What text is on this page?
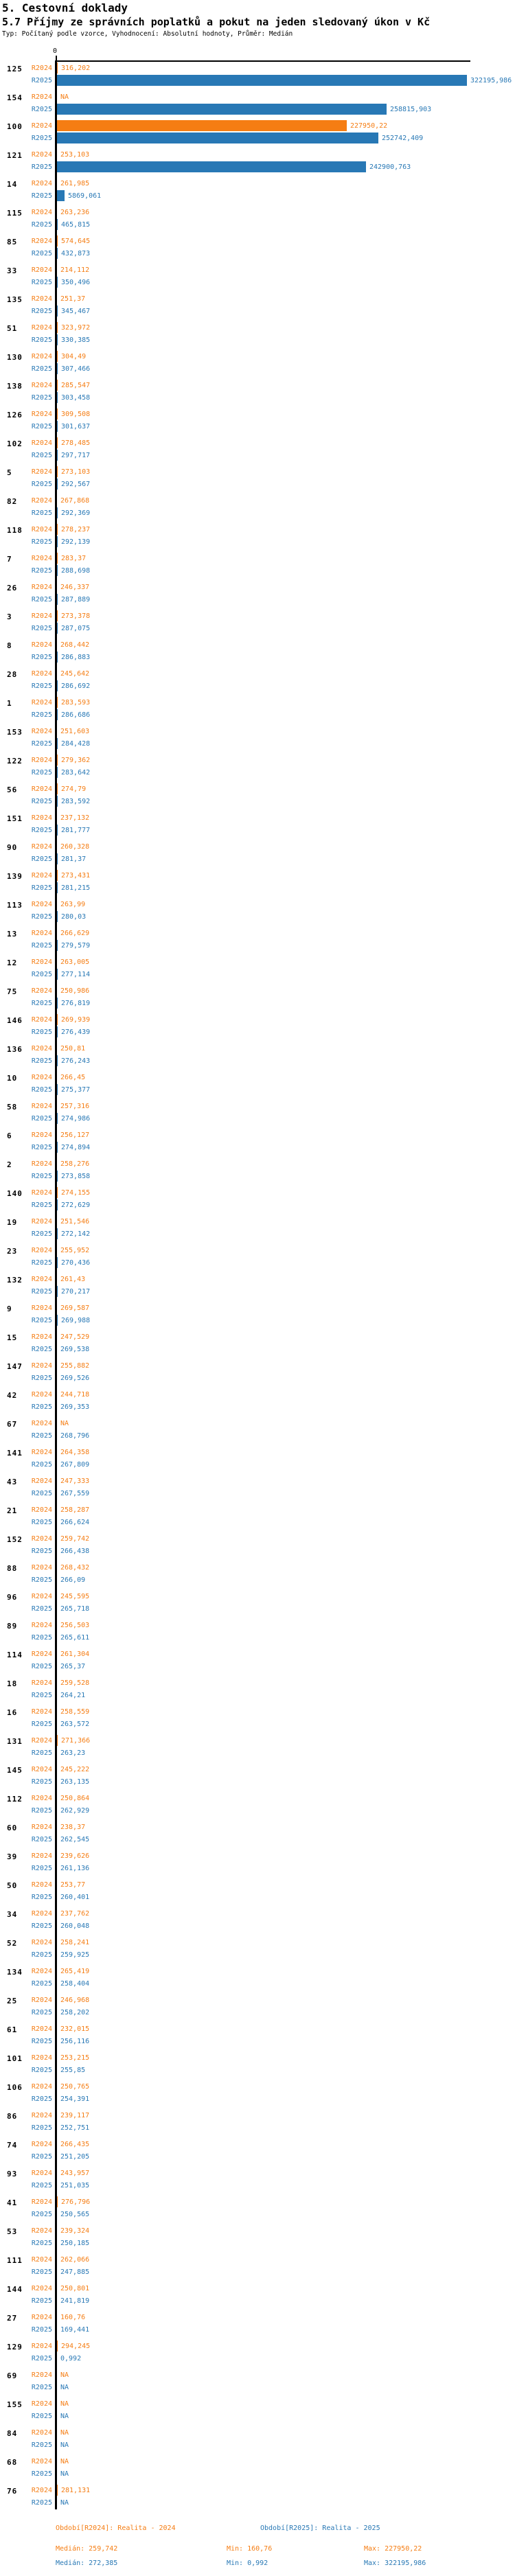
5. Cestovní doklady
5.7 Příjmy ze správních poplatků a pokut na jeden sledovaný úkon v Kč
Typ: Počítaný podle vzorce, Vyhodnocení: Absolutní hodnoty, Průměr: Medián
0
125	R2024 316,202
R2025	322195,986
154	R2024 NA
R2025	258815,903
100	R2024	227950,22
R2025	252742,409
121	R2024 253,103
R2025	242900,763
14	R2024 261,985
R2025 5869,061
115	R2024 263,236
R2025 465,815
85	R2024 574,645
R2025 432,873
33	R2024 214,112
R2025 350,496
135	R2024 251,37
R2025 345,467
51	R2024 323,972
R2025 330,385
130	R2024 304,49
R2025 307,466
138	R2024 285,547
R2025 303,458
126	R2024 309,508
R2025 301,637
102	R2024 278,485
R2025 297,717
5	R2024 273,103
R2025 292,567
82	R2024 267,868
R2025 292,369
118	R2024 278,237
R2025 292,139
7	R2024 283,37
R2025 288,698
26	R2024 246,337
R2025 287,889
3	R2024 273,378
R2025 287,075
8	R2024 268,442
R2025 286,883
28	R2024 245,642
R2025 286,692
1	R2024 283,593
R2025 286,686
153	R2024 251,603
R2025 284,428
122	R2024 279,362
R2025 283,642
56	R2024 274,79
R2025 283,592
151	R2024 237,132
R2025 281,777
90	R2024 260,328
R2025 281,37
139	R2024 273,431
R2025 281,215
113	R2024 263,99
R2025 280,03
13	R2024 266,629
R2025 279,579
12	R2024 263,005
R2025 277,114
75	R2024 250,986
R2025 276,819
146	R2024 269,939
R2025 276,439
136	R2024 250,81
R2025 276,243
10	R2024 266,45
R2025 275,377
58	R2024 257,316
R2025 274,986
6	R2024 256,127
R2025 274,894
2	R2024 258,276
R2025 273,858
140	R2024 274,155
R2025 272,629
19	R2024 251,546
R2025 272,142
23	R2024 255,952
R2025 270,436
132	R2024 261,43
R2025 270,217
9	R2024 269,587
R2025 269,988
15	R2024 247,529
R2025 269,538
147	R2024 255,882
R2025 269,526
42	R2024 244,718
R2025 269,353
67	R2024 NA
R2025 268,796
141	R2024 264,358
R2025 267,809
43	R2024 247,333
R2025 267,559
21	R2024 258,287
R2025 266,624
152	R2024 259,742
R2025 266,438
88	R2024 268,432
R2025 266,09
96	R2024 245,595
R2025 265,718
89	R2024 256,503
R2025 265,611
114	R2024 261,304
R2025 265,37
18	R2024 259,528
R2025 264,21
16	R2024 258,559
R2025 263,572
131	R2024 271,366
R2025 263,23
145	R2024 245,222
R2025 263,135
112	R2024 250,864
R2025 262,929
60	R2024 238,37
R2025 262,545
39	R2024 239,626
R2025 261,136
50	R2024 253,77
R2025 260,401
34	R2024 237,762
R2025 260,048
52	R2024 258,241
R2025 259,925
134	R2024 265,419
R2025 258,404
25	R2024 246,968
R2025 258,202
61	R2024 232,015
R2025 256,116
101	R2024 253,215
R2025 255,85
106	R2024 250,765
R2025 254,391
86	R2024 239,117
R2025 252,751
74	R2024 266,435
R2025 251,205
93	R2024 243,957
R2025 251,035
41	R2024 276,796
R2025 250,565
53	R2024 239,324
R2025 250,185
111	R2024 262,066
R2025 247,885
144	R2024 250,801
R2025 241,819
27	R2024 160,76
R2025 169,441
129	R2024 294,245
R2025 0,992
69	R2024 NA
R2025 NA
155	R2024 NA
R2025 NA
84	R2024 NA
R2025 NA
68	R2024 NA
R2025 NA
76	R2024 281,131
R2025 NA
Období[R2024]: Realita - 2024	Období[R2025]: Realita - 2025
Medián: 259,742	Min: 160,76	Max: 227950,22
Medián: 272,385	Min: 0,992	Max: 322195,986
